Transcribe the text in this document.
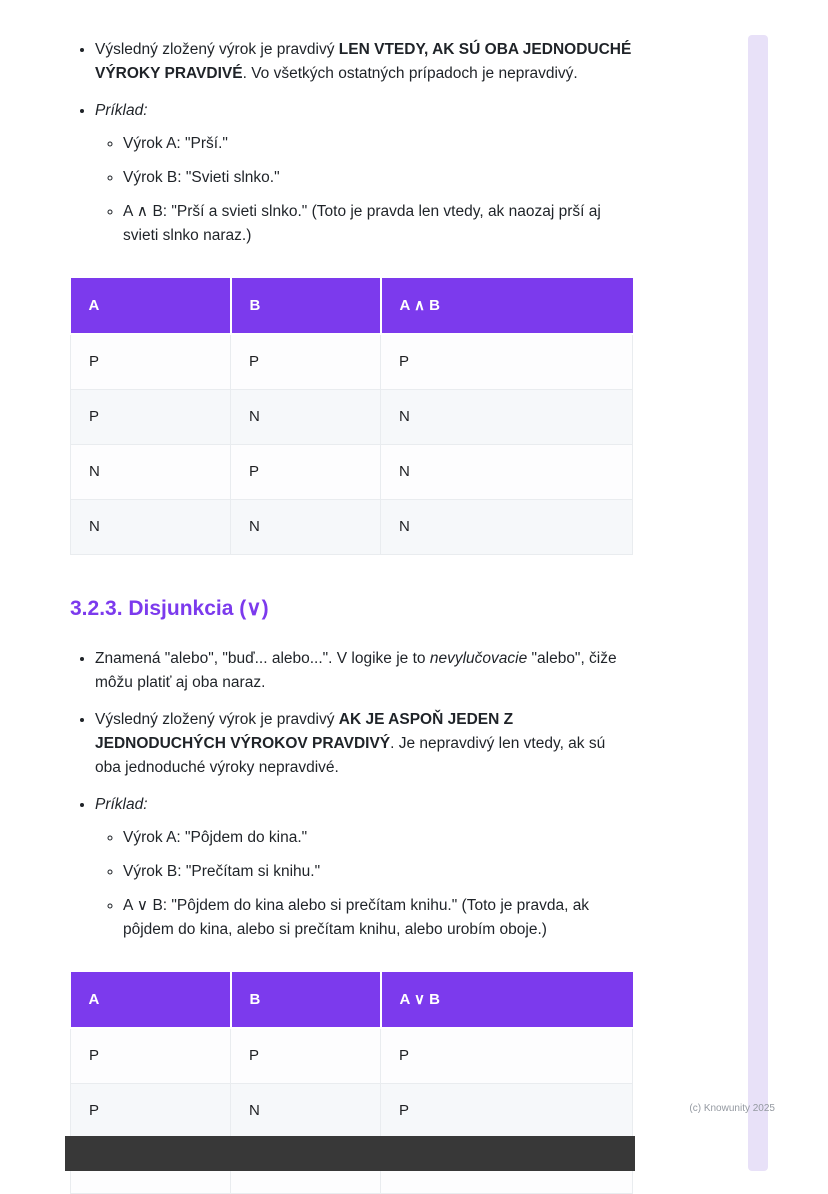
• Výsledný zložený výrok je pravdivý LEN VTEDY, AK SÚ OBA JEDNODUCHÉ VÝROKY PRAVDIVÉ. Vo všetkých ostatných prípadoch je nepravdivý.
• Príklad:
◦ Výrok A: "Prší."
◦ Výrok B: "Svieti slnko."
◦ A ∧ B: "Prší a svieti slnko." (Toto je pravda len vtedy, ak naozaj prší aj svieti slnko naraz.)
A	B	A ∧ B
P	P	P
P	N	N
N	P	N
N	N	N
3.2.3. Disjunkcia (∨)
• Znamená "alebo", "buď... alebo...". V logike je to nevylučovacie "alebo", čiže môžu platiť aj oba naraz.
• Výsledný zložený výrok je pravdivý AK JE ASPOŇ JEDEN Z JEDNODUCHÝCH VÝROKOV PRAVDIVÝ. Je nepravdivý len vtedy, ak sú oba jednoduché výroky nepravdivé.
• Príklad:
◦ Výrok A: "Pôjdem do kina."
◦ Výrok B: "Prečítam si knihu."
◦ A ∨ B: "Pôjdem do kina alebo si prečítam knihu." (Toto je pravda, ak pôjdem do kina, alebo si prečítam knihu, alebo urobím oboje.)
A	B	A ∨ B
P	P	P
P	N	P
			(c) Knowunity 2025
